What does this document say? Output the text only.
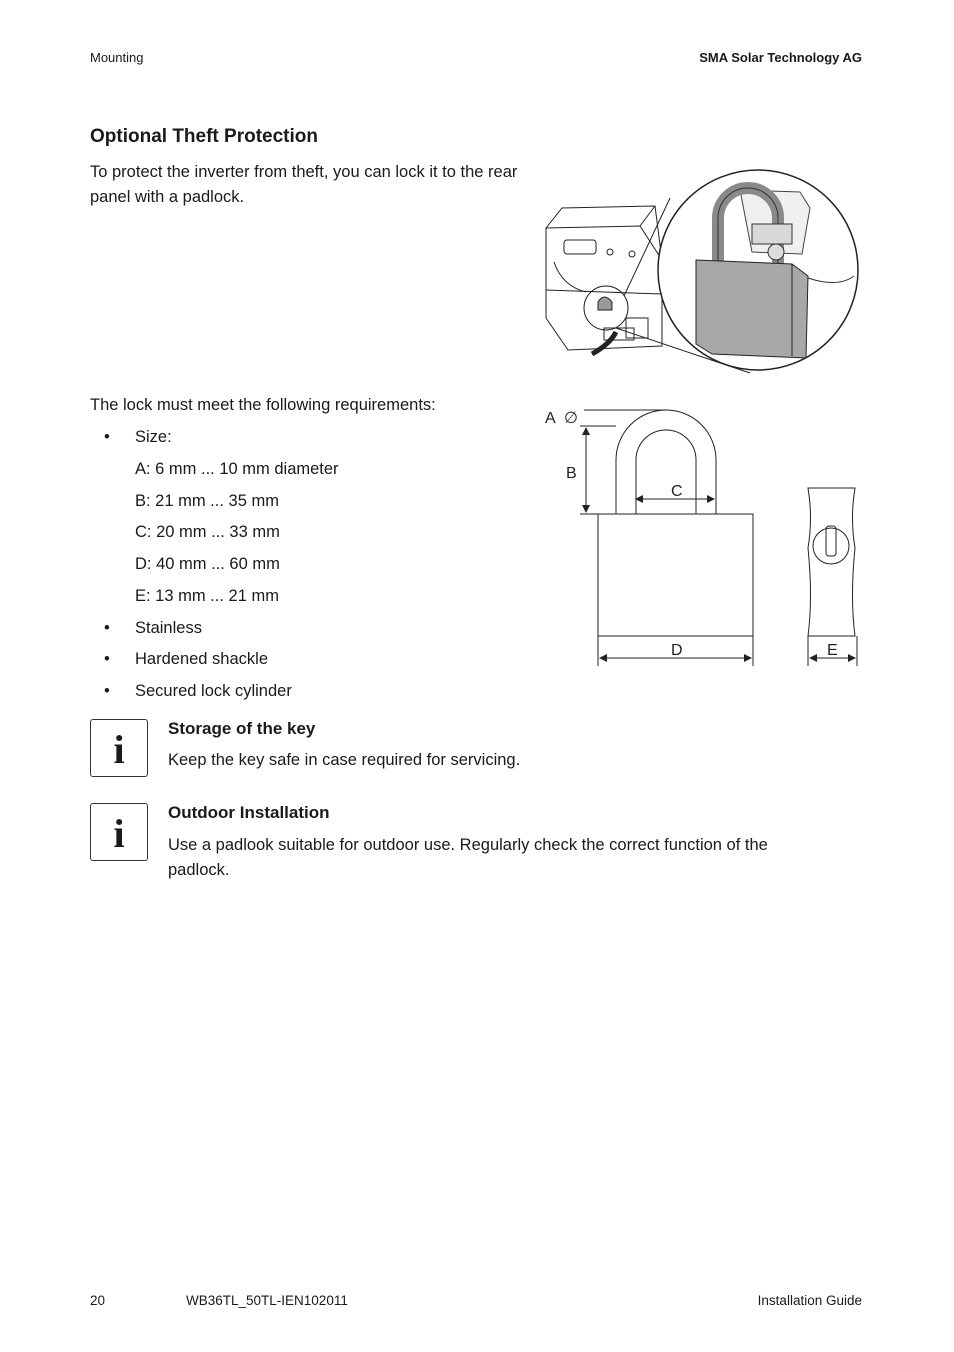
Mounting	SMA Solar Technology AG
Optional Theft Protection
To protect the inverter from theft, you can lock it to the rear panel with a padlock.
The lock must meet the following requirements:
• Size:
A: 6 mm ... 10 mm diameter
B: 21 mm ... 35 mm
C: 20 mm ... 33 mm
D: 40 mm ... 60 mm
E: 13 mm ... 21 mm
• Stainless
• Hardened shackle
• Secured lock cylinder
A ∅
B
C
D	E
i	Storage of the key
Keep the key safe in case required for servicing.
i	Outdoor Installation
Use a padlook suitable for outdoor use. Regularly check the correct function of the padlock.
20	WB36TL_50TL-IEN102011	Installation Guide
